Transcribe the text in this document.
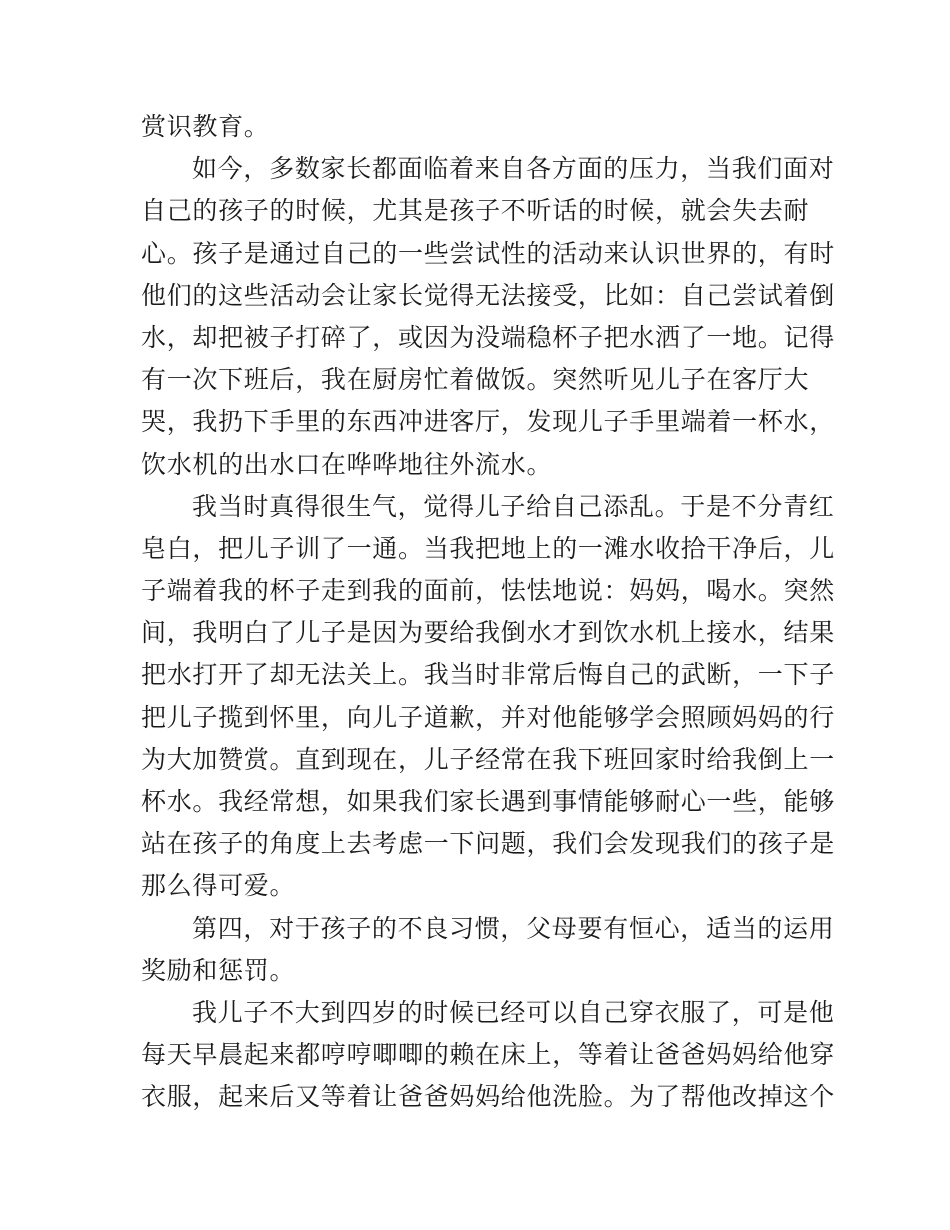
赏识教育。
如今，多数家长都面临着来自各方面的压力，当我们面对
自己的孩子的时候，尤其是孩子不听话的时候，就会失去耐
心。孩子是通过自己的一些尝试性的活动来认识世界的，有时
他们的这些活动会让家长觉得无法接受，比如：自己尝试着倒
水，却把被子打碎了，或因为没端稳杯子把水洒了一地。记得
有一次下班后，我在厨房忙着做饭。突然听见儿子在客厅大
哭，我扔下手里的东西冲进客厅，发现儿子手里端着一杯水，
饮水机的出水口在哗哗地往外流水。
我当时真得很生气，觉得儿子给自己添乱。于是不分青红
皂白，把儿子训了一通。当我把地上的一滩水收拾干净后，儿
子端着我的杯子走到我的面前，怯怯地说：妈妈，喝水。突然
间，我明白了儿子是因为要给我倒水才到饮水机上接水，结果
把水打开了却无法关上。我当时非常后悔自己的武断，一下子
把儿子揽到怀里，向儿子道歉，并对他能够学会照顾妈妈的行
为大加赞赏。直到现在，儿子经常在我下班回家时给我倒上一
杯水。我经常想，如果我们家长遇到事情能够耐心一些，能够
站在孩子的角度上去考虑一下问题，我们会发现我们的孩子是
那么得可爱。
第四，对于孩子的不良习惯，父母要有恒心，适当的运用
奖励和惩罚。
我儿子不大到四岁的时候已经可以自己穿衣服了，可是他
每天早晨起来都哼哼唧唧的赖在床上，等着让爸爸妈妈给他穿
衣服，起来后又等着让爸爸妈妈给他洗脸。为了帮他改掉这个
